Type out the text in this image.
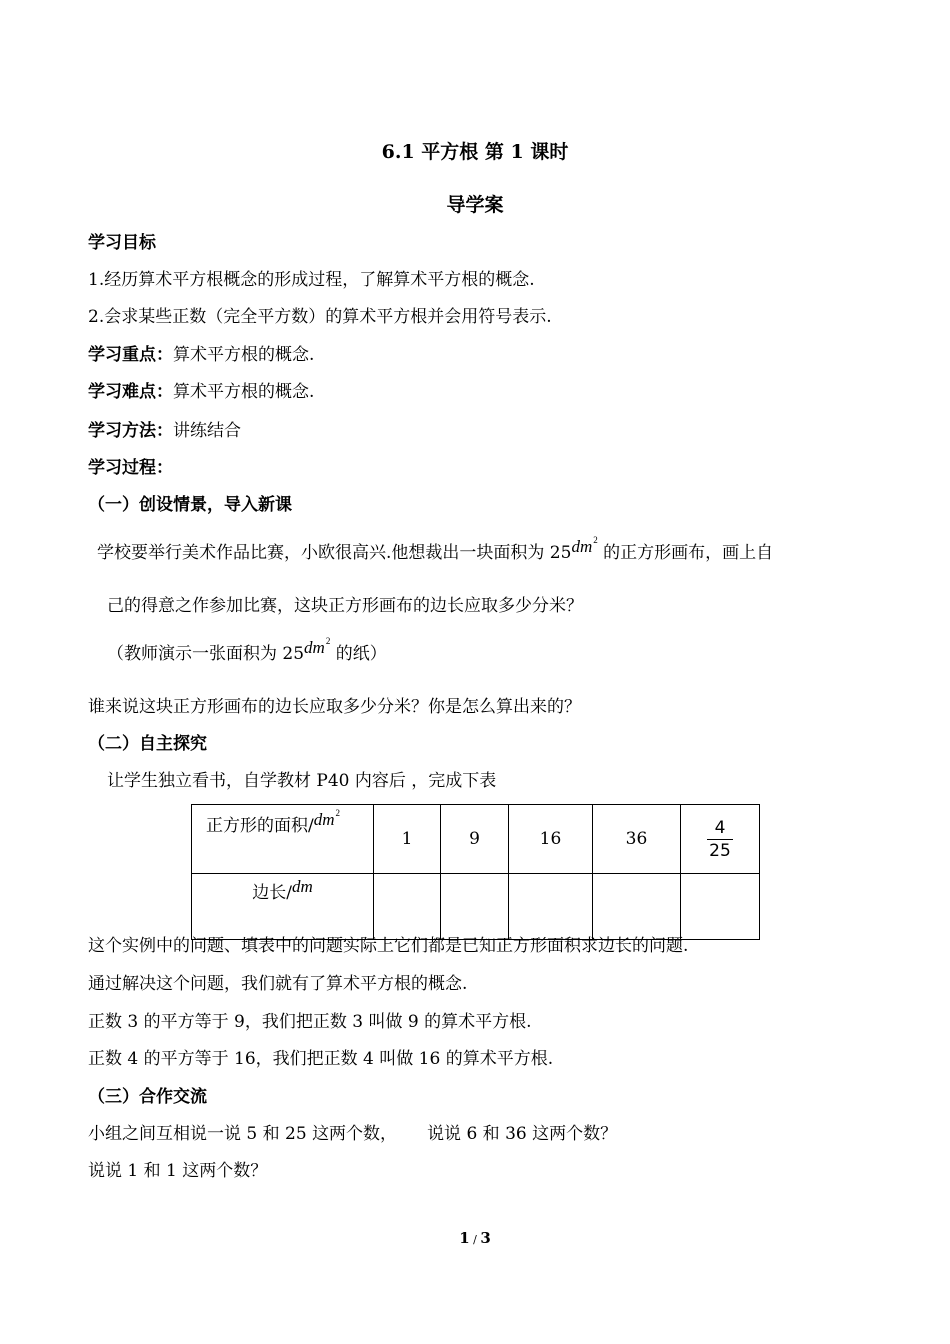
6.1 平方根 第 1 课时
导学案
学习目标
1.经历算术平方根概念的形成过程，了解算术平方根的概念.
2.会求某些正数（完全平方数）的算术平方根并会用符号表示.
学习重点：算术平方根的概念.
学习难点：算术平方根的概念.
学习方法：讲练结合
学习过程：
（一）创设情景，导入新课
学校要举行美术作品比赛，小欧很高兴.他想裁出一块面积为 $25dm^2$ 的正方形画布，画上自
己的得意之作参加比赛，这块正方形画布的边长应取多少分米？
（教师演示一张面积为 $25dm^2$ 的纸）
谁来说这块正方形画布的边长应取多少分米？你是怎么算出来的？
（二）自主探究
让学生独立看书，自学教材 P40 内容后 ，完成下表
正方形的面积$/dm^2$	1	9	16	36	$\frac{4}{25}$

边长/dm					
这个实例中的问题、填表中的问题实际上它们都是已知正方形面积求边长的问题.
通过解决这个问题，我们就有了算术平方根的概念.
正数 3 的平方等于 9，我们把正数 3 叫做 9 的算术平方根.
正数 4 的平方等于 16，我们把正数 4 叫做 16 的算术平方根.
（三）合作交流
小组之间互相说一说 5 和 25 这两个数， 说说 6 和 36 这两个数？
说说 1 和 1 这两个数？
1 / 3
